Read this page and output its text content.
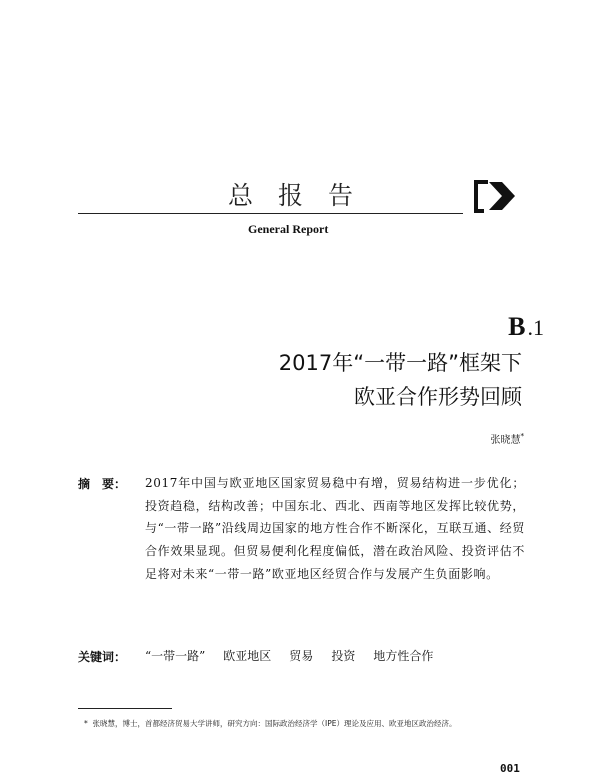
总报告
General Report
B.1
2017年“一带一路”框架下
欧亚合作形势回顾
张晓慧*
摘　要： 2017年中国与欧亚地区国家贸易稳中有增，贸易结构进一步优化；投资趋稳，结构改善；中国东北、西北、西南等地区发挥比较优势，与“一带一路”沿线周边国家的地方性合作不断深化，互联互通、经贸合作效果显现。但贸易便利化程度偏低，潜在政治风险、投资评估不足将对未来“一带一路”欧亚地区经贸合作与发展产生负面影响。
关键词： “一带一路” 欧亚地区 贸易 投资 地方性合作
* 张晓慧，博士，首都经济贸易大学讲师，研究方向：国际政治经济学（IPE）理论及应用、欧亚地区政治经济。
001
